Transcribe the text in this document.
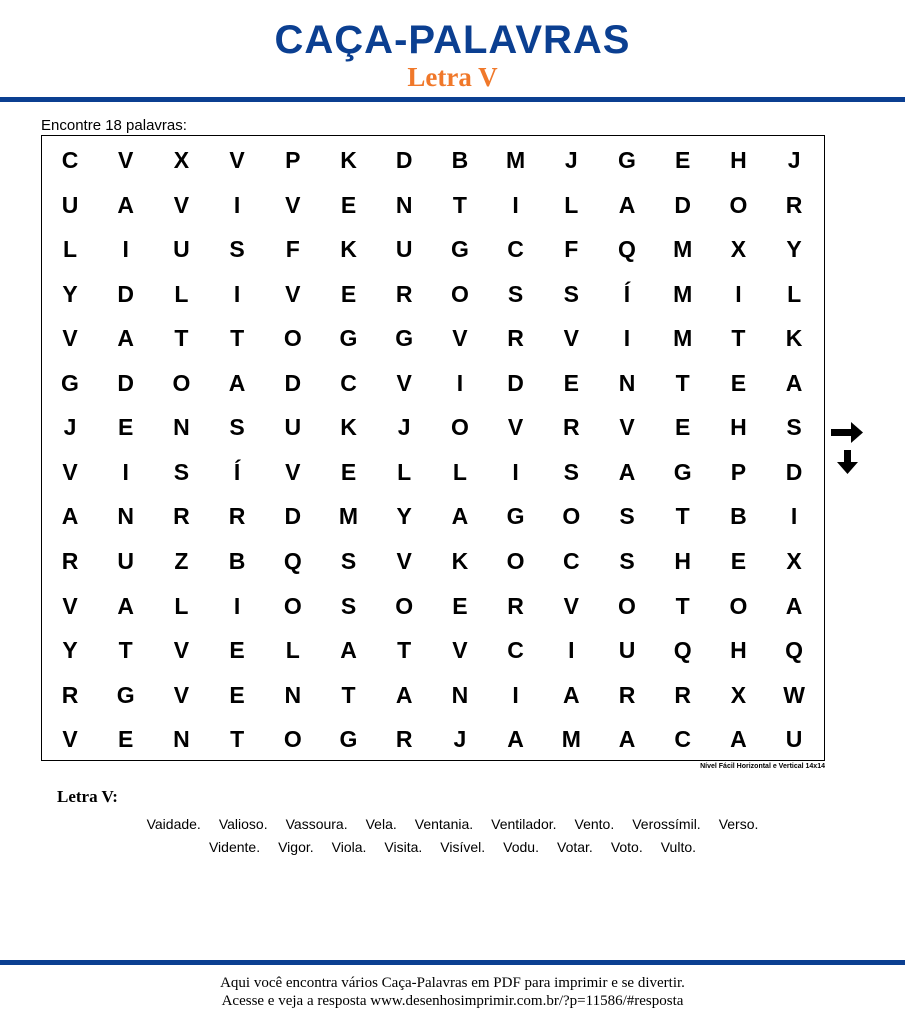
CAÇA-PALAVRAS
Letra V
Encontre 18 palavras:
C	V	X	V	P	K	D	B	M	J	G	E	H	J
U	A	V	I	V	E	N	T	I	L	A	D	O	R
L	I	U	S	F	K	U	G	C	F	Q	M	X	Y
Y	D	L	I	V	E	R	O	S	S	Í	M	I	L
V	A	T	T	O	G	G	V	R	V	I	M	T	K
G	D	O	A	D	C	V	I	D	E	N	T	E	A
J	E	N	S	U	K	J	O	V	R	V	E	H	S
V	I	S	Í	V	E	L	L	I	S	A	G	P	D
A	N	R	R	D	M	Y	A	G	O	S	T	B	I
R	U	Z	B	Q	S	V	K	O	C	S	H	E	X
V	A	L	I	O	S	O	E	R	V	O	T	O	A
Y	T	V	E	L	A	T	V	C	I	U	Q	H	Q
R	G	V	E	N	T	A	N	I	A	R	R	X	W
V	E	N	T	O	G	R	J	A	M	A	C	A	U
Nível Fácil Horizontal e Vertical 14x14
Letra V:
Vaidade. Valioso. Vassoura. Vela. Ventania. Ventilador. Vento. Verossímil. Verso.
Vidente. Vigor. Viola. Visita. Visível. Vodu. Votar. Voto. Vulto.
Aqui você encontra vários Caça-Palavras em PDF para imprimir e se divertir.
Acesse e veja a resposta www.desenhosimprimir.com.br/?p=11586/#resposta
